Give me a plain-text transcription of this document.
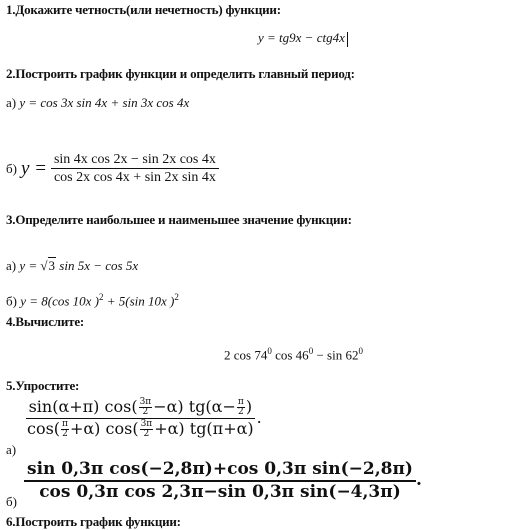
1.Докажите четность(или нечетность) функции:
y = tg9x − ctg4x
2.Построить график функции и определить главный период:
а) y = cos 3x sin 4x + sin 3x cos 4x
б) $y = \frac{\text{sin 4x cos 2x − sin 2x cos 4x}}{\text{cos 2x cos 4x + sin 2x sin 4x}}$
3.Определите наибольшее и наименьшее значение функции:
а) y = √3 sin 5x − cos 5x
б) y = 8(cos 10x )$^2$ + 5(sin 10x )$^2$
4.Вычислите:
2 $\cos 74^0$ $\cos 46^0 - \sin 62^0$
5.Упростите:
а)
$\frac{\sin(\alpha+\pi) \cos( \frac{3\pi}{2} -\alpha) tg(\alpha- \frac{\pi}{2} )}{\cos( \frac{\pi}{2} +\alpha) \cos( \frac{3\pi}{2} +\alpha) tg(\pi+\alpha)}$ .
б)
$\frac{\text{sin 0,3π cos(−2,8π)+cos 0,3π sin(−2,8π)}}{\text{cos 0,3π cos 2,3π−sin 0,3π sin(−4,3π)}}$ .
6.Построить график функции:
